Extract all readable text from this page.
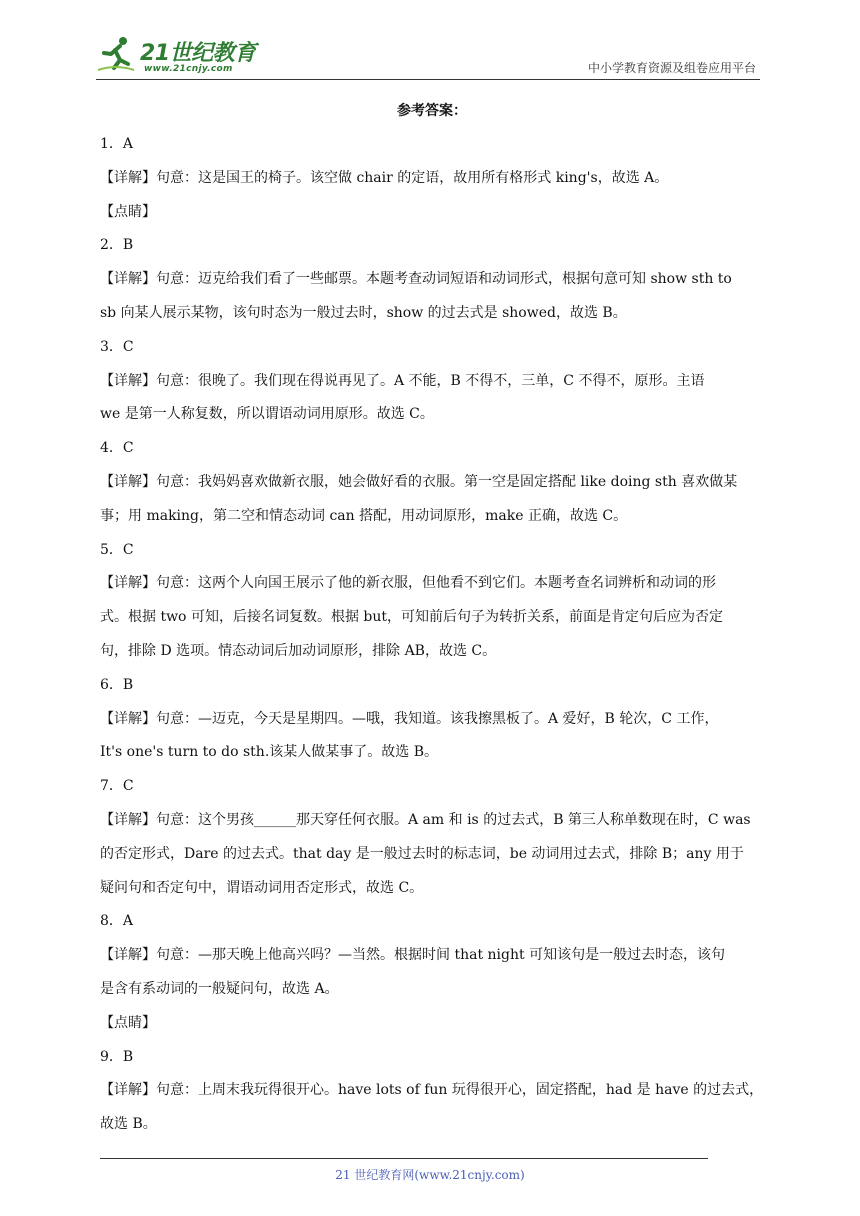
21世纪教育
www.21cnjy.com	中小学教育资源及组卷应用平台
参考答案：
1．A
【详解】句意：这是国王的椅子。该空做 chair 的定语，故用所有格形式 king's，故选 A。
【点睛】
2．B
【详解】句意：迈克给我们看了一些邮票。本题考查动词短语和动词形式，根据句意可知 show sth to
sb 向某人展示某物，该句时态为一般过去时，show 的过去式是 showed，故选 B。
3．C
【详解】句意：很晚了。我们现在得说再见了。A 不能，B 不得不，三单，C 不得不，原形。主语
we 是第一人称复数，所以谓语动词用原形。故选 C。
4．C
【详解】句意：我妈妈喜欢做新衣服，她会做好看的衣服。第一空是固定搭配 like doing sth 喜欢做某
事；用 making，第二空和情态动词 can 搭配，用动词原形，make 正确，故选 C。
5．C
【详解】句意：这两个人向国王展示了他的新衣服，但他看不到它们。本题考查名词辨析和动词的形
式。根据 two 可知，后接名词复数。根据 but，可知前后句子为转折关系，前面是肯定句后应为否定
句，排除 D 选项。情态动词后加动词原形，排除 AB，故选 C。
6．B
【详解】句意：—迈克，今天是星期四。—哦，我知道。该我擦黑板了。A 爱好，B 轮次，C 工作，
It's one's turn to do sth.该某人做某事了。故选 B。
7．C
【详解】句意：这个男孩______那天穿任何衣服。A am 和 is 的过去式，B 第三人称单数现在时，C was
的否定形式，Dare 的过去式。that day 是一般过去时的标志词，be 动词用过去式，排除 B；any 用于
疑问句和否定句中，谓语动词用否定形式，故选 C。
8．A
【详解】句意：—那天晚上他高兴吗？—当然。根据时间 that night 可知该句是一般过去时态，该句
是含有系动词的一般疑问句，故选 A。
【点睛】
9．B
【详解】句意：上周末我玩得很开心。have lots of fun 玩得很开心，固定搭配，had 是 have 的过去式，
故选 B。
21 世纪教育网(www.21cnjy.com)
